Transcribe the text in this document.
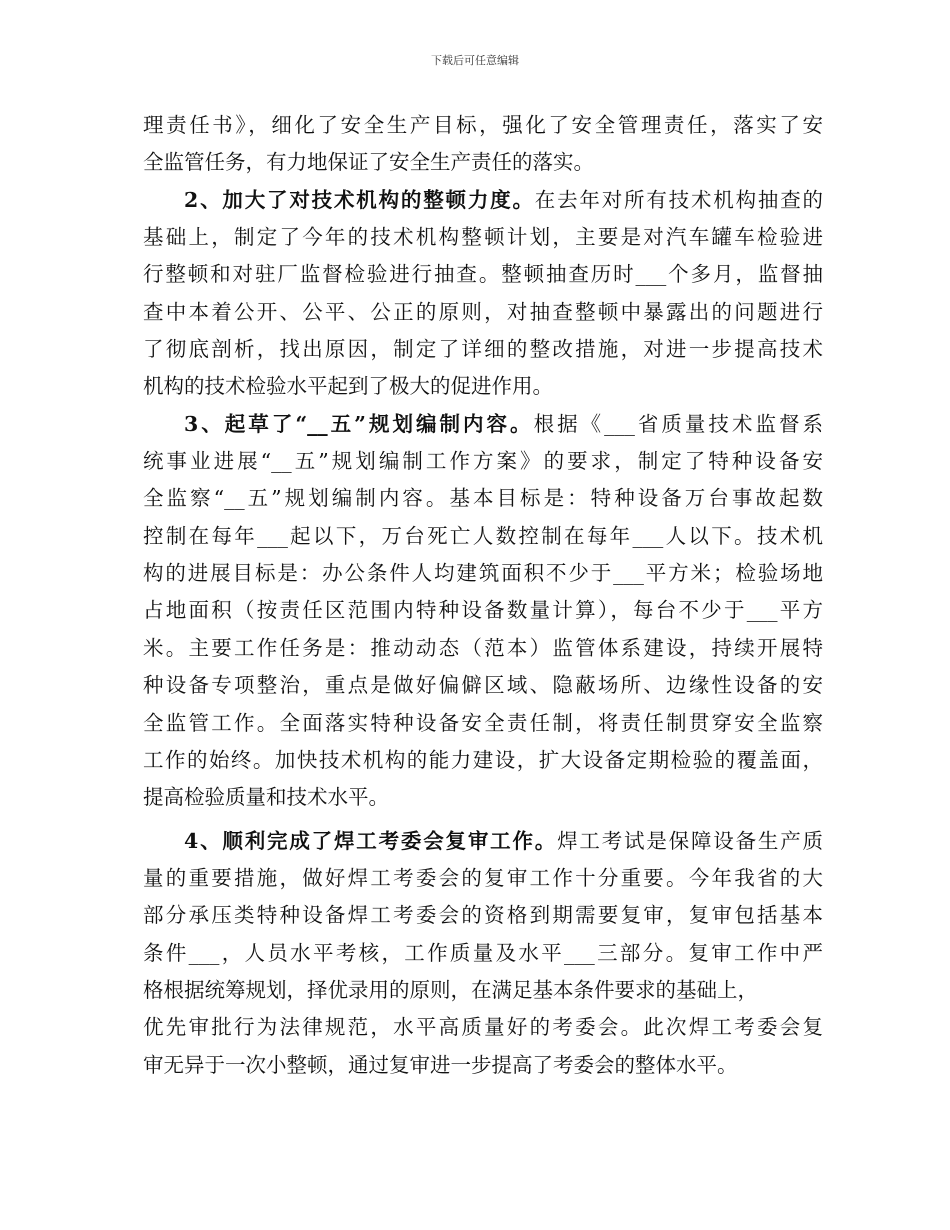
下载后可任意编辑
理责任书》，细化了安全生产目标，强化了安全管理责任，落实了安
全监管任务，有力地保证了安全生产责任的落实。
2、加大了对技术机构的整顿力度。在去年对所有技术机构抽查的
基础上，制定了今年的技术机构整顿计划，主要是对汽车罐车检验进
行整顿和对驻厂监督检验进行抽查。整顿抽查历时___个多月，监督抽
查中本着公开、公平、公正的原则，对抽查整顿中暴露出的问题进行
了彻底剖析，找出原因，制定了详细的整改措施，对进一步提高技术
机构的技术检验水平起到了极大的促进作用。
3、起草了“__五”规划编制内容。根据《___省质量技术监督系
统事业进展“__五”规划编制工作方案》的要求，制定了特种设备安
全监察“__五”规划编制内容。基本目标是：特种设备万台事故起数
控制在每年___起以下，万台死亡人数控制在每年___人以下。技术机
构的进展目标是：办公条件人均建筑面积不少于___平方米；检验场地
占地面积（按责任区范围内特种设备数量计算），每台不少于___平方
米。主要工作任务是：推动动态（范本）监管体系建设，持续开展特
种设备专项整治，重点是做好偏僻区域、隐蔽场所、边缘性设备的安
全监管工作。全面落实特种设备安全责任制，将责任制贯穿安全监察
工作的始终。加快技术机构的能力建设，扩大设备定期检验的覆盖面，
提高检验质量和技术水平。
4、顺利完成了焊工考委会复审工作。焊工考试是保障设备生产质
量的重要措施，做好焊工考委会的复审工作十分重要。今年我省的大
部分承压类特种设备焊工考委会的资格到期需要复审，复审包括基本
条件___，人员水平考核，工作质量及水平___三部分。复审工作中严
格根据统筹规划，择优录用的原则，在满足基本条件要求的基础上，
优先审批行为法律规范，水平高质量好的考委会。此次焊工考委会复
审无异于一次小整顿，通过复审进一步提高了考委会的整体水平。
